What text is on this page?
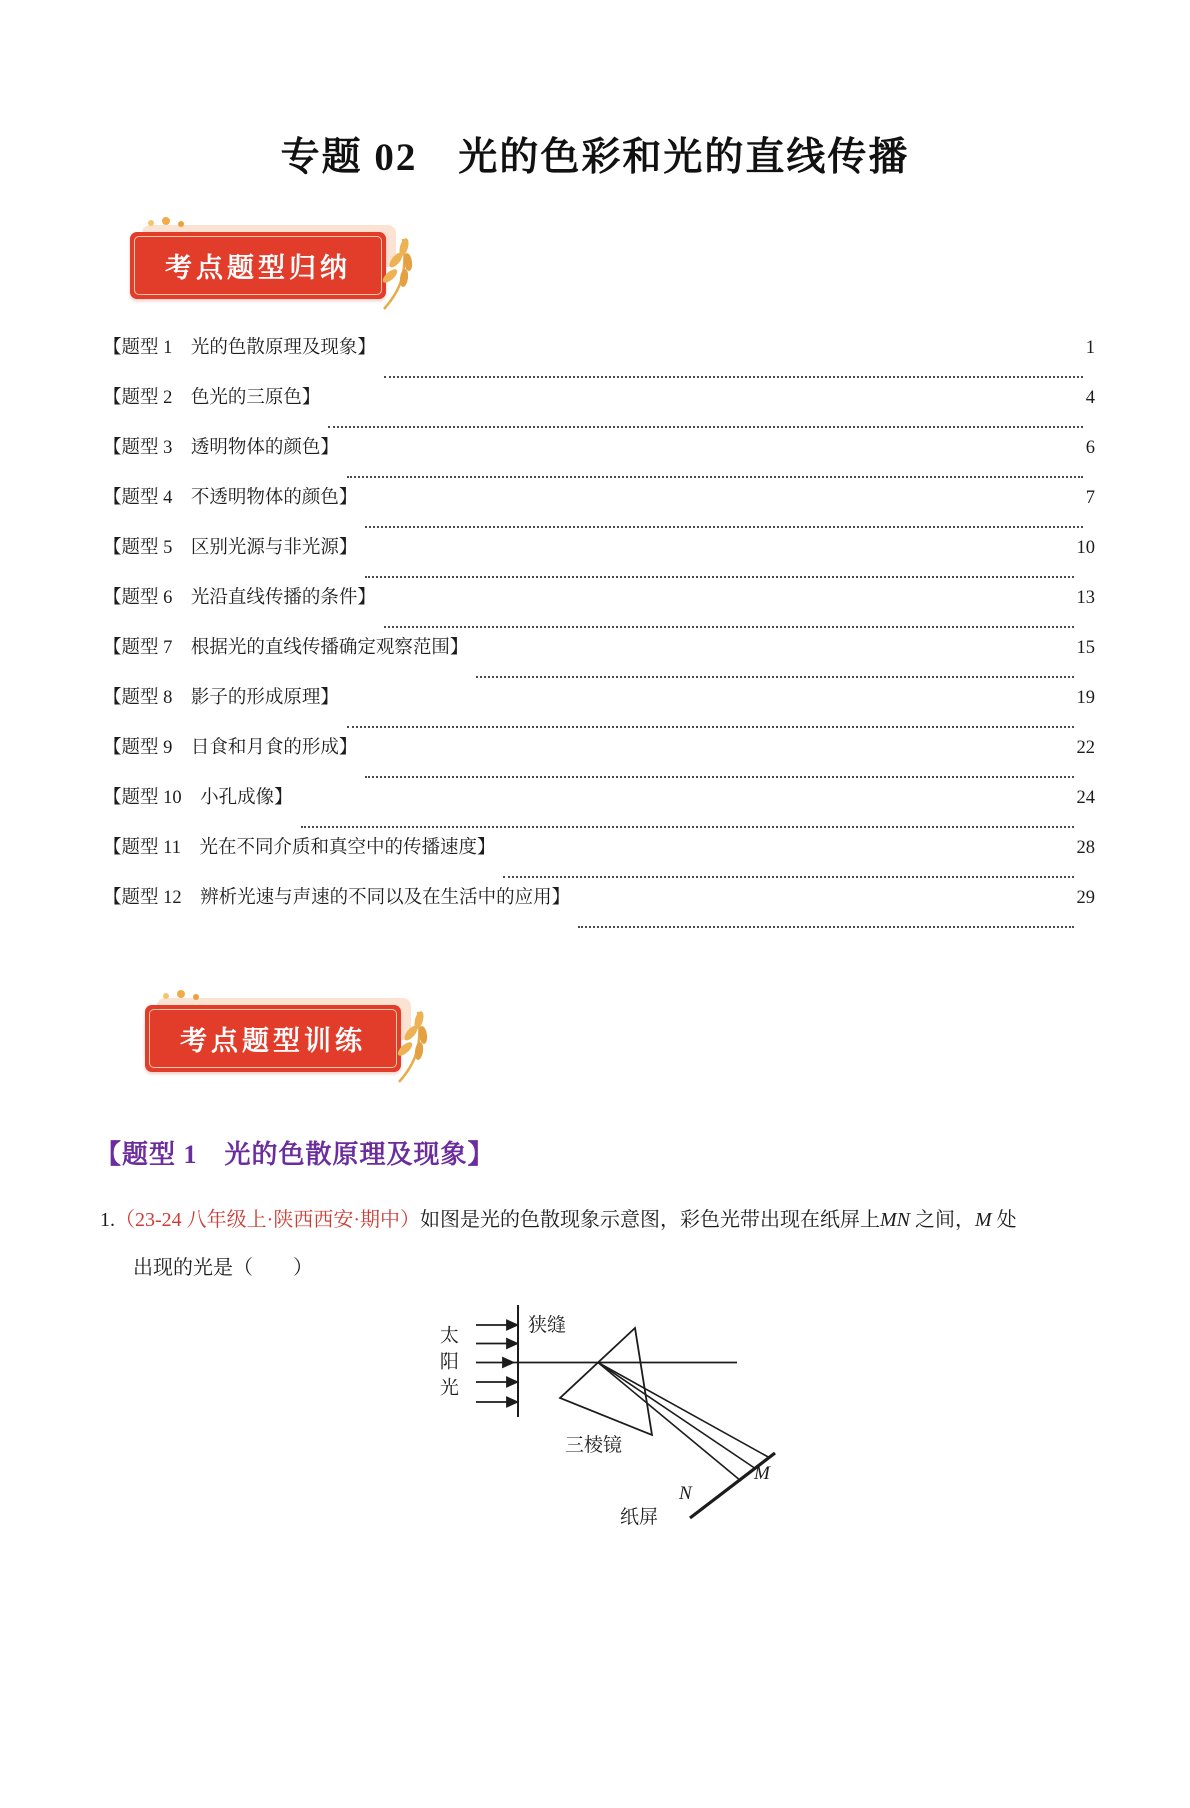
专题 02　光的色彩和光的直线传播
考点题型归纳
【题型 1　光的色散原理及现象】	1
【题型 2　色光的三原色】	4
【题型 3　透明物体的颜色】	6
【题型 4　不透明物体的颜色】	7
【题型 5　区别光源与非光源】	10
【题型 6　光沿直线传播的条件】	13
【题型 7　根据光的直线传播确定观察范围】	15
【题型 8　影子的形成原理】	19
【题型 9　日食和月食的形成】	22
【题型 10　小孔成像】	24
【题型 11　光在不同介质和真空中的传播速度】	28
【题型 12　辨析光速与声速的不同以及在生活中的应用】	29
考点题型训练
【题型 1　光的色散原理及现象】
1.（23-24 八年级上·陕西西安·期中）如图是光的色散现象示意图，彩色光带出现在纸屏上MN 之间，M 处
出现的光是（　　）
太阳光	狭缝
三棱镜
纸屏
M
N
